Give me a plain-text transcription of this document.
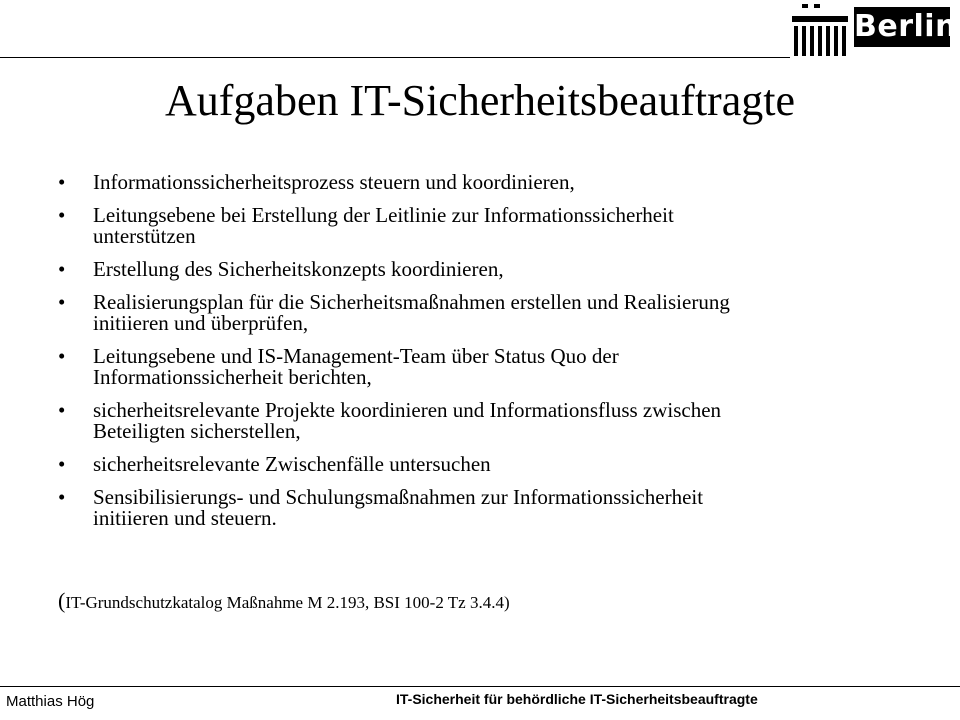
Berlin
Aufgaben IT-Sicherheitsbeauftragte
• Informationssicherheitsprozess steuern und koordinieren,
• Leitungsebene bei Erstellung der Leitlinie zur Informationssicherheit
unterstützen
• Erstellung des Sicherheitskonzepts koordinieren,
• Realisierungsplan für die Sicherheitsmaßnahmen erstellen und Realisierung
initiieren und überprüfen,
• Leitungsebene und IS-Management-Team über Status Quo der
Informationssicherheit berichten,
• sicherheitsrelevante Projekte koordinieren und Informationsfluss zwischen
Beteiligten sicherstellen,
• sicherheitsrelevante Zwischenfälle untersuchen
• Sensibilisierungs- und Schulungsmaßnahmen zur Informationssicherheit
initiieren und steuern.
(IT-Grundschutzkatalog Maßnahme M 2.193, BSI 100-2 Tz 3.4.4)
Matthias Hög	IT-Sicherheit für behördliche IT-Sicherheitsbeauftragte
